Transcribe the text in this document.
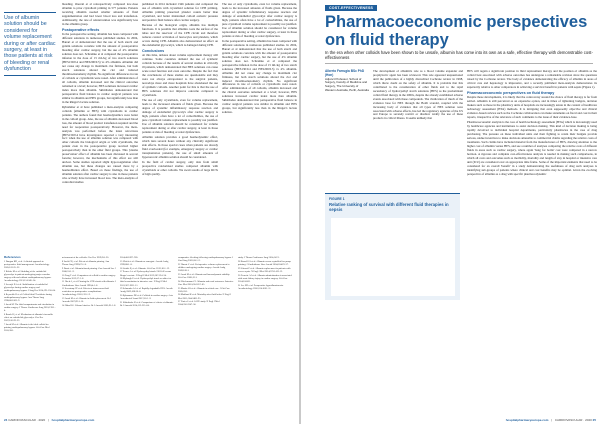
Use of albumin solution should be considered for volume replacement during or after cardiac surgery, at least in those patients at risk of bleeding or renal dysfunction

bleeding. Onorati et al retrospectively compared low-dose albumin to prior crystalloid priming in 577 patients. Patients receiving albumin needed smaller amounts of fluid supplementation and had lower blood loss and transfusion. Additionally, the rate of reintervention was significantly less in the albumin group.

Postoperative effects

In the postoperative setting, albumin has been compared with different solutions in numerous published studies. In 2004, Hanart et al demonstrated that the use of both starch and gelatin solutions correlate with the amount of postoperative bleeding after cardiac surgery, but the use of 4% albumin solution does not. Schramko et al compared the postoperative infusion in the dose of 15 mL/kg of two starch solutions (HES130/0.4 and HES200/0.5) vs 4% albumin. Albumin did not cause any change in maximum clot firmness, but both starch solutions altered the clot and induced thromboelastometry rhythm. No significant differences in rate of colloids or crystalloids were noted. After administration of all colloids, albumin increased and the clinical outcomes remained at a level; however, HES solutions increased cardiac index more than albumin. Skhirtladze demonstrated that perioperative fluid balance in cardiac surgical patients was similar in albumin and HES groups, but significantly less than in the Ringer's lactate solution.

Ryhammer et al have published a meta-analysis comparing colloids (albumin or HES) with crystalloids in cardiac patients. The authors found that haemodynamics were better in the colloid group. Also, the use of albumin decreased blood loss, the amount of blood product transfusion required and the need for reoperation postoperatively. However, the meta-analysis was performed before the latest retractions (HES130/0.4 have investigators reported a very interesting fact: when the use of albumin solution was compared with other colloids the biological origin or with crystalloids, the patient even in the postoperative group received higher postoperatively than in the other fluid groups. This 'plasma preservation' effect of albumin has been discussed in several forums; however, the mechanisms of this effect are still unclear. Some studies reported slight hypocoagulation after albumin use, but these changes are caused more by a haemodilution effect. Based on these findings, the use of albumin solution after cardiac surgery is also in those patients who actively have increased blood loss. The meta-analysis of controlled studies

published in 2014 included 1346 patients and compared the use of albumin with crystalloid solution for CPB priming. Albumin priming preserved platelet counts better than crystalloid, and better maintained colloid osmotic pressure and positive fluid balance after cardiac surgery.

Because of the biological origin, albumin has multiple functions. It is possible that albumin coats the surface of the tubes and the reservoir of the CPB circuit and therefore reduces contact activation of leucocytes and platelets, which occurs during CPB. Albumin also demonstrated an effect on the endothelial glycocalyx, which is damaged during CPB.

Conclusions

At this time, debates about volume replacement therapy still continue. Some countries demand the use of synthetic colloids because of the results of several studies in critically ill patients, which demonstrated that HES solutions can cause acute renal function and even outcome. Despite the fact that the conclusions of these studies are questionable and they were not always extrapolated to the surgical patients, nowadays more and more hospitals have abandoned the use of synthetic colloids. Another point for this is that the use of HES solutions did not improve outcome compared to crystalloids.

The use of only crystalloids, even for volume replacement, leads to the increased amounts of fluids given. Because the degree of systemic inflammatory response reaction and damage of endothelial glycocalyx after cardiac surgery is high, patients often have a lot of comorbidities, the use of pure crystalloid volume replacement is possibly not justified. Use of albumin solution should be considered for volume replacement during or after cardiac surgery, at least in those patients at risk of bleeding or renal dysfunction.

Albumin solution provides a good haemodynamic effect, which lasts several hours without any clinically significant side effects. In those special cases when patients are already fluid overloaded (for example, emergency surgery or cardiac transplantation patients), the use of small amounts of hyperoncotic albumin solution should be considered.

In the field of cardiac surgery, only data from small prospective randomised studies compared albumin with crystalloids or other colloids. We await results of large RCTs of high quality.

The use of only crystalloids, even for volume replacement, leads to the increased amounts of fluids given. Because the degree of systemic inflammatory response reaction and damage of endothelial glycocalyx after cardiac surgery is high, patients often have a lot of comorbidities, the use of pure crystalloid volume replacement is possibly not justified. Use of albumin solution should be considered for volume replacement during or after cardiac surgery, at least in those patients at risk of bleeding or renal dysfunction.

In the postoperative setting, albumin has been compared with different solutions in numerous published studies. In 2004, Hanart et al demonstrated that the use of both starch and gelatin solutions correlate with the amount of postoperative bleeding after cardiac surgery, but the use of 4% albumin solution does not. Schramko et al compared the postoperative infusion in the dose of 15 mL/kg of two starch solutions (HES130/0.4 and HES200/0.5) vs 4% albumin. Albumin did not cause any change in maximum clot firmness, but both starch solutions altered the clot and induced thromboelastometry rhythm. No significant differences in rate of colloids or crystalloids were noted. After administration of all colloids, albumin increased and the clinical outcomes remained at a level; however, HES solutions increased cardiac index more than albumin. Skhirtladze demonstrated that perioperative fluid balance in cardiac surgical patients was similar in albumin and HES groups, but significantly less than in the Ringer's lactate solution.

References
1 Dungan KH, et al. A clinical approach to perioperative fluid management. Anesthesiology 2005;103:25–32.
2 Kobler M et al. Shedding of the endothelial glycocalyx in patients undergoing major vascular surgery with and without cardiopulmonary bypass. Anesthesiology 2011;114:345–54.
3 Svensjö EA et al. Stabilization of endothelial glycocalyx during cardiac surgery and cardiopulmonary bypass. J Surg Res 2014;191:158–64.
4 Reynolds JJ et al. Colloid fluid 'Perchloric during cardiopulmonary bypass. Ann Thorac Surg 1998;66:1063–9.
5 Jacob M. The fluid compartments and circulation in cardiac surgery. J Thorac Cardiovasc Surg 2010;139:1–4.
6 Rauch JS, et al. Mechanism of albumin's favorable effect on endothelial glycocalyx. Circ Res 2007;100:29–33.
7 Jacob M et al. Albumin is the ideal colloid for priming cardiopulmonary bypass. Crit Care Med 2010;38:1.
nvironment of the colloids. Circ Res 1959;9:8–20.
8 Lasik CR, et al. Effects of albumin priming. Ann Thorac Surg 1999;67:1–8.
9 Dazzi et al. Albumin-based priming. Can Anaesth Soc J 2006;53:1–9.
10 Fang F et al. Comparison of colloid in cardiac surgery. Perfusion 2012;27:1–8.
11 Hoeft A, et al. Priming the CPB circuit with albumin. J Cardiothorac Vasc Anesth 1990;4:1–8.
12 Svenstrup CP et al. Effects of intravenous fluid restriction on postoperative complications. Anesthesiology 2010;112:1–9.
13 Jacob M et al. Albumin in fluid replacement. Br J Anaesth 2007;99:1–10.
14 Hahn RG. Volume kinetics. Br J Anaesth 2005;95:1–8.
2014;40:1897–905.
15 Ulrich et al. Albumin as surrogate. Anesth Analg 1999;88:1–8.
16 Guidet B, et al. Albumin. Crit Care 2012;16:1–12.
17 Perner A et al. Hydroxyethyl starch 130/0.42 versus Ringer's acetate. N Engl J Med 2012;367:124–34.
18 Myburgh JA et al. Hydroxyethyl starch or saline for fluid resuscitation in intensive care. N Engl J Med 2012;367:1901–11.
19 Schramko AA et al. Rapidly degradable HES. Anesth Analg 2009;108:30–6.
20 Ryhammer PK et al. Colloids in cardiac surgery. Acta Anaesthesiol Scand 2017;61:1–9.
21 Skhirtladze K et al. Comparison of effects of albumin. Br J Anaesth 2014;112:255–64.
comparative bleeding following cardiopulmonary bypass. J Card Surg 2003;18:1–9.
22 Hanart C et al. Perioperative volume replacement in children undergoing cardiac surgery. Anesth Analg 2009;108:1.
23 Jacob M et al. Albumin and haemodynamic stability. Crit Care 2008;12:1.
24 Wiedermann CJ. Albumin and renal outcomes. Intensive Care Med 2010;36:1657–65.
25 Martin GS et al. Albumin in critical care. J Crit Care 2005;20:1.
26 Maitland K et al. Mortality after fluid bolus. N Engl J Med 2011;364:2483–95.
27 Finfer S et al. SAFE study. N Engl J Med 2004;350:2247–56.
study. J Thorac Cardiovasc Surg 2014;147:1.
28 Russell JA et al. Albumin versus crystalloid for pump priming. J Cardiothorac Vasc Anesth 2004;18:429–37.
29 Caironi P et al. Albumin replacement in patients with severe sepsis. N Engl J Med 2014;370:1412–21.
30 Frenette AJ et al. Albumin administration is associated with acute kidney injury in cardiac surgery. Crit Care 2014;18:602.
31 Lee EH et al. Preoperative hypoalbuminemia. Anesthesiology 2016;124:1001–11.
24 CARDIOVASCULAR · 2020 | hospitalpharmacyeurope.com
COST-EFFECTIVENESS
Pharmacoeconomic perspectives on fluid therapy
In the era when other colloids have been shown to be unsafe, albumin has come into its own as a safe, effective therapy with demonstrable cost-effectiveness
Alberto Farrugia BSc PhD (Hon)
Adjunct Professor, School of Surgery, Faculty of Medicine and Surgery, The University of Western Australia, Perth, Australia

The development of albumin's role as a blood volume expander and prophylactic agent has been reviewed. This role appeared unquestioned until the publication of a highly discredited Cochrane review in 1998, which threw doubt on the safety of albumin. It is probable that this contributed to the consideration of other fluids and to the rapid ascendancy of hydroxyethyl starch solutions (HES) as the predominant colloid fluid therapy in the 2000s, despite the already established adverse events associated with these compounds. The vindication of much of the evidence base for HES through the Boldt scandal, coupled with the increasing body of evidence that all types of HES solution were associated with adverse effects, has led the regulatory agencies of the US and Europe to severely restrict or disallow totally the use of these products in critical illness. It seems unlikely that

FIGURE 1
Relative ranking of survival with different fluid therapies in sepsis

HES will regain a significant position in fluid replacement therapy and the position of albumin as the colloid best associated with adverse outcomes has undergone a remarkable revision since the questions raised by the Cochrane review. The body of evidence demonstrating the efficacy of albumin in areas of critical care and hepatology is impressive, and a recently published meta-analysis demonstrates its superiority relative to other comparators in achieving a survival benefit in patients with sepsis (Figure 1).

Pharmacoeconomic perspectives on fluid therapy

Despite these developments, it is likely that the controversy around the choice of fluid therapy is far from settled. Albumin is still perceived as an expensive option, and in times of tightening budgets, decision makers such as those in the pharmacy units of hospitals are increasingly astute in the context of healthcare technology assessment (HTA) methods. It is intriguing that even supposedly objective and clinical evidence-based reviews such as the Cochrane collaboration can make statements on fiscal and cost in their reports, irrespective of the relevance of such comments to the issue of their evidence-base.

Pharmacoeconomic analysis is the core of health technology assessment (HTA) which is increasingly used by healthcare agencies and institutions to assist decision making. This kind of decision making is being rapidly devolved to individual hospital departments, particularly pharmacies in the case of drug purchasing. The pressure on these individual units and their fighting to retain their budgets provide serious, undue incentives to make decisions amenable to commercial claims regarding the relative costs of treatments. Such claims have included material from the manufacturers of HES, drawing attention to the higher cost of albumin versus HES, and see a number of analyses comparing the relative costs of different fluids in areas such as cardiac surgery, where again 'bang for bottle' cost were compared in a narrow horizon. A rigorous and complete cost-effectiveness analysis is needed in making such comparisons, in which all costs and outcomes such as morbidity, mortality and length of stay in hospital or intensive care unit (ICU) are considered over an appropriate time frame. Some of the important elements that need to be considered for an overall 'benefit' in a study demonstrating the usefulness of drug such analyses is identifying sub-groups of patients where clinical and cost benefits may be optimal. Given the evolving perspective of albumin as a drug with specific pharmacodynamic

hospitalpharmacyeurope.com | CARDIOVASCULAR · 2020 25
